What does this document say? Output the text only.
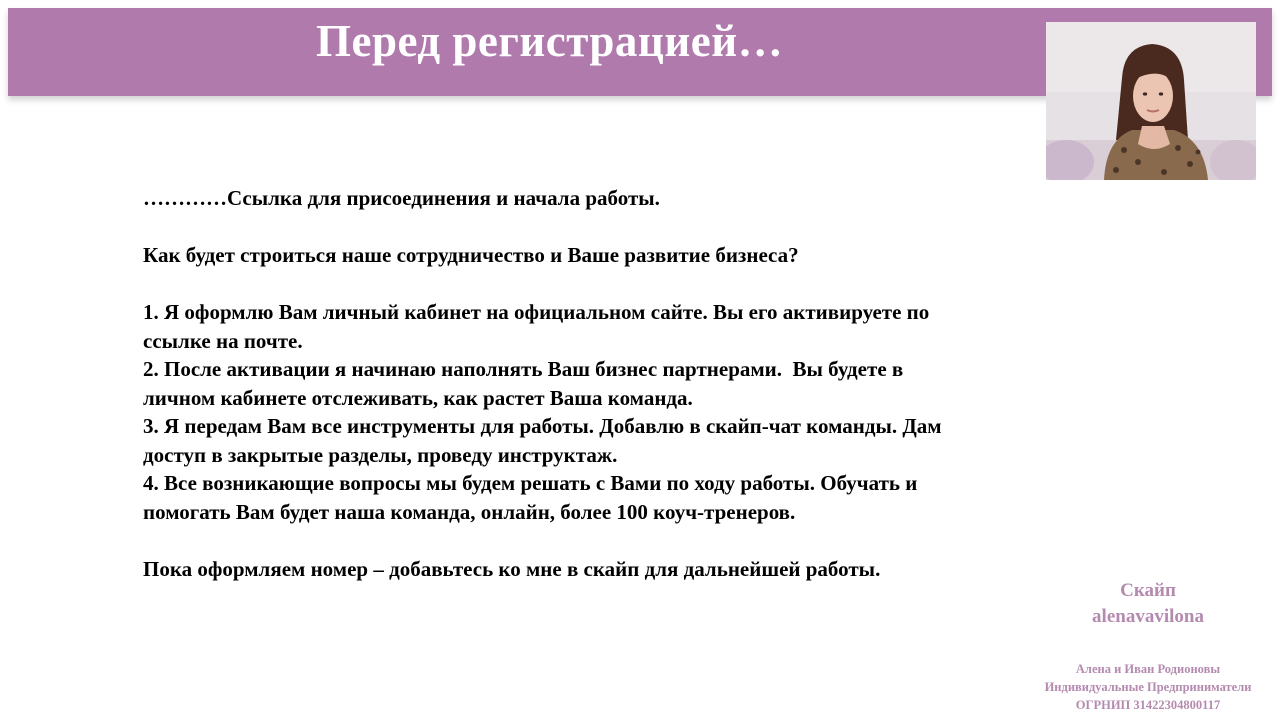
Перед регистрацией…

…………Ссылка для присоединения и начала работы.

Как будет строиться наше сотрудничество и Ваше развитие бизнеса?

1. Я оформлю Вам личный кабинет на официальном сайте. Вы его активируете по

ссылке на почте.

2. После активации я начинаю наполнять Ваш бизнес партнерами.  Вы будете в

личном кабинете отслеживать, как растет Ваша команда.

3. Я передам Вам все инструменты для работы. Добавлю в скайп-чат команды. Дам

доступ в закрытые разделы, проведу инструктаж.

4. Все возникающие вопросы мы будем решать с Вами по ходу работы. Обучать и

помогать Вам будет наша команда, онлайн, более 100 коуч-тренеров.

Пока оформляем номер – добавьтесь ко мне в скайп для дальнейшей работы.

Скайп
alenavavilona
Алена и Иван Родионовы
Индивидуальные Предприниматели
ОГРНИП 31422304800117
